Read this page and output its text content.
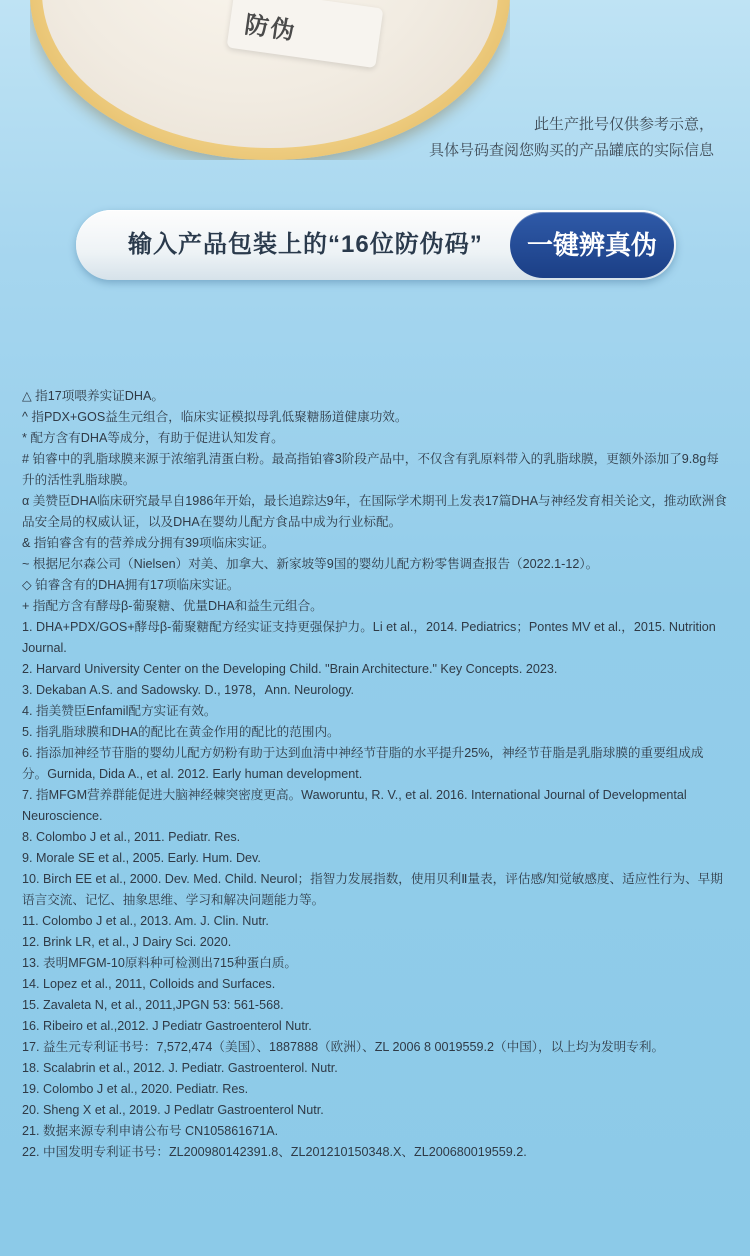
防伪
此生产批号仅供参考示意，
具体号码查阅您购买的产品罐底的实际信息
输入产品包装上的“16位防伪码”	一键辨真伪
△ 指17项喂养实证DHA。
^ 指PDX+GOS益生元组合，临床实证模拟母乳低聚糖肠道健康功效。
* 配方含有DHA等成分，有助于促进认知发育。
# 铂睿中的乳脂球膜来源于浓缩乳清蛋白粉。最高指铂睿3阶段产品中，不仅含有乳原料带入的乳脂球膜，更额外添加了9.8g每升的活性乳脂球膜。
α 美赞臣DHA临床研究最早自1986年开始，最长追踪达9年，在国际学术期刊上发表17篇DHA与神经发育相关论文，推动欧洲食品安全局的权威认证，以及DHA在婴幼儿配方食品中成为行业标配。
& 指铂睿含有的营养成分拥有39项临床实证。
~ 根据尼尔森公司（Nielsen）对美、加拿大、新家坡等9国的婴幼儿配方粉零售调查报告（2022.1-12）。
◇ 铂睿含有的DHA拥有17项临床实证。
+ 指配方含有酵母β-葡聚糖、优量DHA和益生元组合。
1. DHA+PDX/GOS+酵母β-葡聚糖配方经实证支持更强保护力。Li et al.，2014. Pediatrics；Pontes MV et al.，2015. Nutrition Journal.
2. Harvard University Center on the Developing Child. "Brain Architecture." Key Concepts. 2023.
3. Dekaban A.S. and Sadowsky. D., 1978，Ann. Neurology.
4. 指美赞臣Enfamil配方实证有效。
5. 指乳脂球膜和DHA的配比在黄金作用的配比的范围内。
6. 指添加神经节苷脂的婴幼儿配方奶粉有助于达到血清中神经节苷脂的水平提升25%，神经节苷脂是乳脂球膜的重要组成成分。Gurnida, Dida A., et al. 2012. Early human development.
7. 指MFGM营养群能促进大脑神经棘突密度更高。Waworuntu, R. V., et al. 2016. International Journal of Developmental Neuroscience.
8. Colombo J et al., 2011. Pediatr. Res.
9. Morale SE et al., 2005. Early. Hum. Dev.
10. Birch EE et al., 2000. Dev. Med. Child. Neurol；指智力发展指数，使用贝利Ⅱ量表，评估感/知觉敏感度、适应性行为、早期语言交流、记忆、抽象思维、学习和解决问题能力等。
11. Colombo J et al., 2013. Am. J. Clin. Nutr.
12. Brink LR, et al., J Dairy Sci. 2020.
13. 表明MFGM-10原料种可检测出715种蛋白质。
14. Lopez et al., 2011, Colloids and Surfaces.
15. Zavaleta N, et al., 2011,JPGN 53: 561-568.
16. Ribeiro et al.,2012. J Pediatr Gastroenterol Nutr.
17. 益生元专利证书号：7,572,474（美国）、1887888（欧洲）、ZL 2006 8 0019559.2（中国），以上均为发明专利。
18. Scalabrin et al., 2012. J. Pediatr. Gastroenterol. Nutr.
19. Colombo J et al., 2020. Pediatr. Res.
20. Sheng X et al., 2019. J Pedlatr Gastroenterol Nutr.
21. 数据来源专利申请公布号 CN105861671A.
22. 中国发明专利证书号：ZL200980142391.8、ZL201210150348.X、ZL200680019559.2.
